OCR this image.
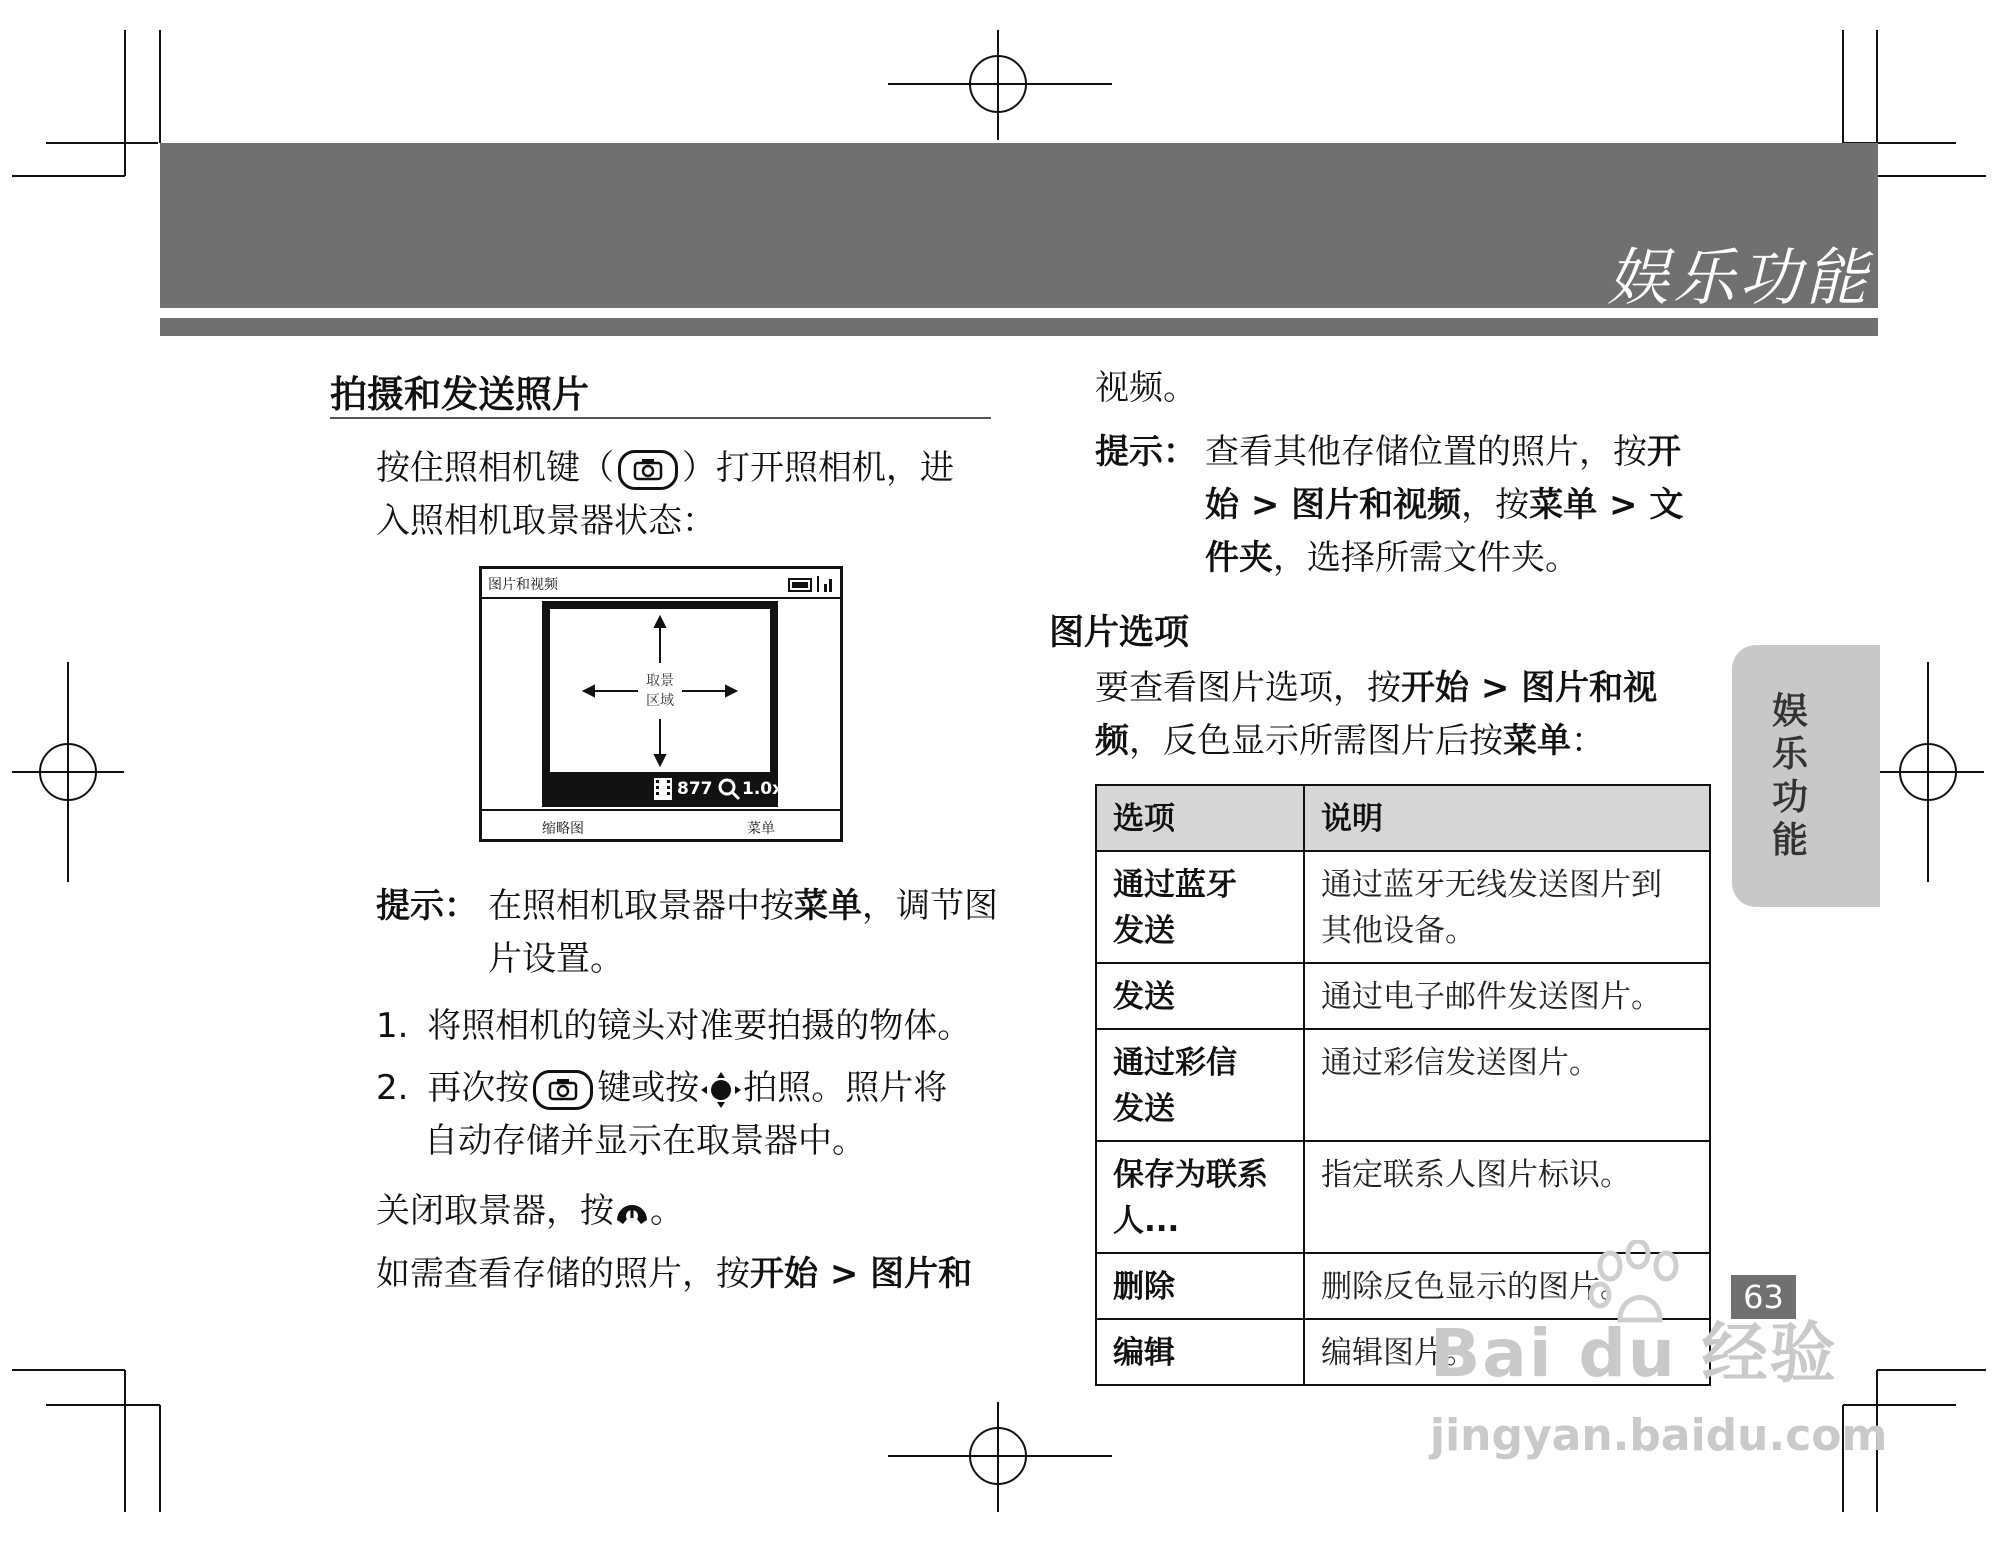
娱乐功能
拍摄和发送照片
按住照相机键（ ）打开照相机，进
入照相机取景器状态：
图片和视频
取景
区域
877 1.0x
缩略图	菜单
提示： 在照相机取景器中按菜单，调节图
片设置。
1. 将照相机的镜头对准要拍摄的物体。
2. 再次按 键或按 拍照。照片将
自动存储并显示在取景器中。
关闭取景器，按 。
如需查看存储的照片，按开始 > 图片和
视频。
提示： 查看其他存储位置的照片，按开
始 > 图片和视频，按菜单 > 文
件夹，选择所需文件夹。
图片选项
要查看图片选项，按开始 > 图片和视
频，反色显示所需图片后按菜单：
选项	说明
通过蓝牙
发送	通过蓝牙无线发送图片到
其他设备。
发送	通过电子邮件发送图片。
通过彩信
发送	通过彩信发送图片。
保存为联系
人...	指定联系人图片标识。
删除	删除反色显示的图片。
编辑	编辑图片。
娱
乐
功
能
63
Bai du 经验
jingyan.baidu.com
